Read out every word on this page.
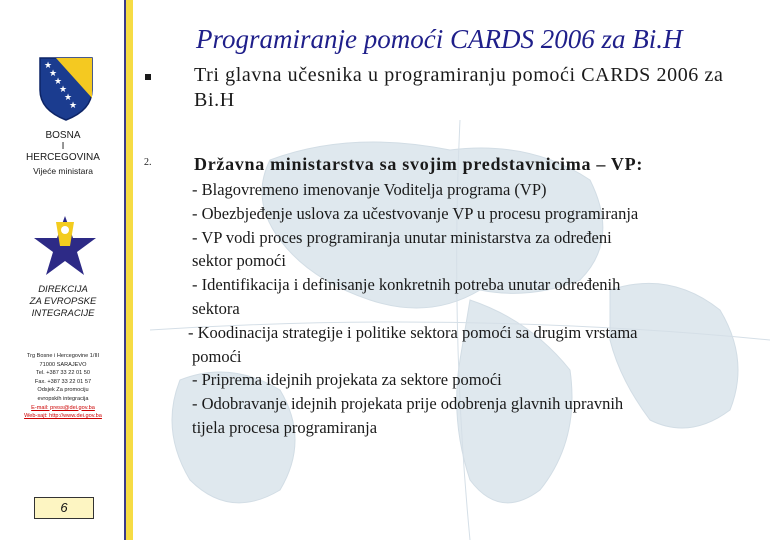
★
★
★
★
★
★
BOSNA
I
HERCEGOVINA
Vijeće ministara
DIREKCIJA
ZA EVROPSKE
INTEGRACIJE
Trg Bosne i Hercegovine 1/III
71000 SARAJEVO
Tel. +387 33 22 01 50
Fax. +387 33 22 01 57
Odsjek Za promociju
evropskih integracija
E-mail: press@dei.gov.ba
Web-sajt: http://www.dei.gov.ba
6
Programiranje pomoći CARDS 2006 za Bi.H
Tri glavna učesnika u programiranju pomoći CARDS 2006 za Bi.H
2. Državna ministarstva sa svojim predstavnicima – VP:
- Blagovremeno imenovanje Voditelja programa (VP)
- Obezbjeđenje uslova za učestvovanje VP u procesu programiranja
- VP vodi proces programiranja unutar ministarstva za određeni
sektor pomoći
- Identifikacija i definisanje konkretnih potreba unutar određenih
sektora
- Koodinacija strategije i politike sektora pomoći sa drugim vrstama
pomoći
- Priprema idejnih projekata za sektore pomoći
- Odobravanje idejnih projekata prije odobrenja glavnih upravnih
tijela procesa programiranja
